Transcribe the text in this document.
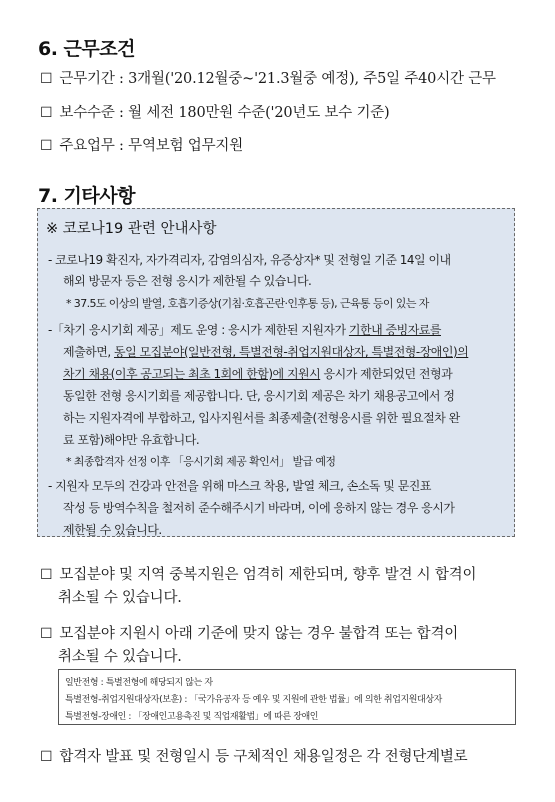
6. 근무조건
☐ 근무기간 : 3개월('20.12월중~'21.3월중 예정), 주5일 주40시간 근무
☐ 보수수준 : 월 세전 180만원 수준('20년도 보수 기준)
☐ 주요업무 : 무역보험 업무지원
7. 기타사항
※ 코로나19 관련 안내사항
- 코로나19 확진자, 자가격리자, 감염의심자, 유증상자* 및 전형일 기준 14일 이내
해외 방문자 등은 전형 응시가 제한될 수 있습니다.
* 37.5도 이상의 발열, 호흡기증상(기침·호흡곤란·인후통 등), 근육통 등이 있는 자
-「차기 응시기회 제공」제도 운영 : 응시가 제한된 지원자가 기한내 증빙자료를
제출하면, 동일 모집분야(일반전형, 특별전형-취업지원대상자, 특별전형-장애인)의
차기 채용(이후 공고되는 최초 1회에 한함)에 지원시 응시가 제한되었던 전형과
동일한 전형 응시기회를 제공합니다. 단, 응시기회 제공은 차기 채용공고에서 정
하는 지원자격에 부합하고, 입사지원서를 최종제출(전형응시를 위한 필요절차 완
료 포함)해야만 유효합니다.
* 최종합격자 선정 이후 「응시기회 제공 확인서」 발급 예정
- 지원자 모두의 건강과 안전을 위해 마스크 착용, 발열 체크, 손소독 및 문진표
작성 등 방역수칙을 철저히 준수해주시기 바라며, 이에 응하지 않는 경우 응시가
제한될 수 있습니다.
☐ 모집분야 및 지역 중복지원은 엄격히 제한되며, 향후 발견 시 합격이
취소될 수 있습니다.
☐ 모집분야 지원시 아래 기준에 맞지 않는 경우 불합격 또는 합격이
취소될 수 있습니다.
일반전형 : 특별전형에 해당되지 않는 자
특별전형-취업지원대상자(보훈) : 「국가유공자 등 예우 및 지원에 관한 법률」에 의한 취업지원대상자
특별전형-장애인 : 「장애인고용촉진 및 직업재활법」에 따른 장애인
☐ 합격자 발표 및 전형일시 등 구체적인 채용일정은 각 전형단계별로
